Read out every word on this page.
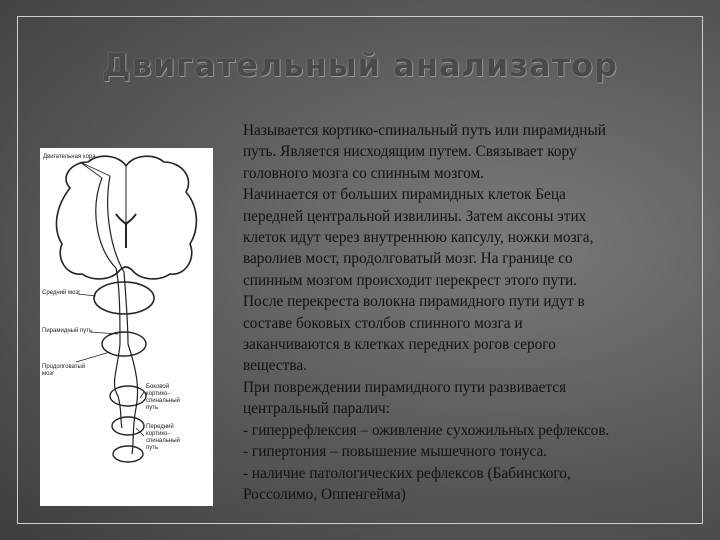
Двигательный анализатор
Двигательная кора
Средний мозг
Пирамидный путь
Продолговатый
мозг
Боковой
кортико–
спинальный
путь
Передний
кортико–
спинальный
путь
Называется кортико-спинальный путь или пирамидный
путь. Является нисходящим путем. Связывает кору
головного мозга со спинным мозгом.
Начинается от больших пирамидных клеток Беца
передней центральной извилины. Затем аксоны этих
клеток идут через внутреннюю капсулу, ножки мозга,
варолиев мост, продолговатый мозг. На границе со
спинным мозгом происходит перекрест этого пути.
После перекреста волокна пирамидного пути идут в
составе боковых столбов спинного мозга и
заканчиваются в клетках передних рогов серого
вещества.
При повреждении пирамидного пути развивается
центральный паралич:
- гиперрефлексия – оживление сухожильных рефлексов.
- гипертония – повышение мышечного тонуса.
- наличие патологических рефлексов (Бабинского,
Россолимо, Оппенгейма)
